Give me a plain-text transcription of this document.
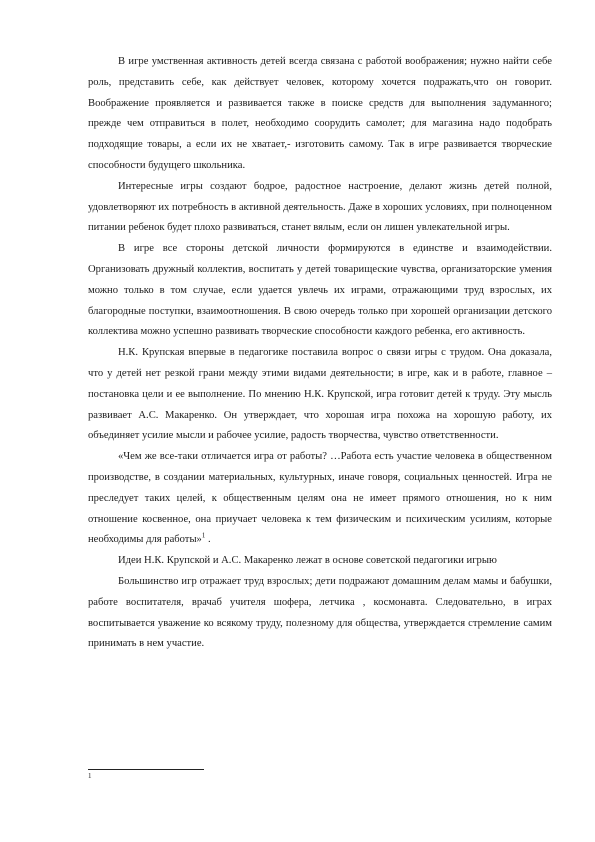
В игре умственная активность детей всегда связана с работой воображения; нужно найти себе роль, представить себе, как действует человек, которому хочется подражать,что он говорит. Воображение проявляется и развивается также в поиске средств для выполнения задуманного; прежде чем отправиться в полет, необходимо соорудить самолет; для магазина надо подобрать подходящие товары, а если их не хватает,- изготовить самому. Так в игре развивается творческие способности будущего школьника.

Интересные игры создают бодрое, радостное настроение, делают жизнь детей полной, удовлетворяют их потребность в активной деятельность. Даже в хороших условиях, при полноценном питании ребенок будет плохо развиваться, станет вялым, если он лишен увлекательной игры.

В игре все стороны детской личности формируются в единстве и взаимодействии. Организовать дружный коллектив, воспитать у детей товарищеские чувства, организаторские умения можно только в том случае, если удается увлечь их играми, отражающими труд взрослых, их благородные поступки, взаимоотношения. В свою очередь только при хорошей организации детского коллектива можно успешно развивать творческие способности каждого ребенка, его активность.

Н.К. Крупская впервые в педагогике поставила вопрос о связи игры с трудом. Она доказала, что у детей нет резкой грани между этими видами деятельности; в игре, как и в работе, главное – постановка цели и ее выполнение. По мнению Н.К. Крупской, игра готовит детей к труду. Эту мысль развивает А.С. Макаренко. Он утверждает, что хорошая игра похожа на хорошую работу, их объединяет усилие мысли и рабочее усилие, радость творчества, чувство ответственности.

«Чем же все-таки отличается игра от работы? …Работа есть участие человека в общественном производстве, в создании материальных, культурных, иначе говоря, социальных ценностей. Игра не преследует таких целей, к общественным целям она не имеет прямого отношения, но к ним отношение косвенное, она приучает человека к тем физическим и психическим усилиям, которые необходимы для работы»$^1$ .

Идеи Н.К. Крупской и А.С. Макаренко лежат в основе советской педагогики игрыю

Большинство игр отражает труд взрослых; дети подражают домашним делам мамы и бабушки, работе воспитателя, врачаб учителя шофера, летчика , космонавта. Следовательно, в играх воспитывается уважение ко всякому труду, полезному для общества, утверждается стремление самим принимать в нем участие.

1
